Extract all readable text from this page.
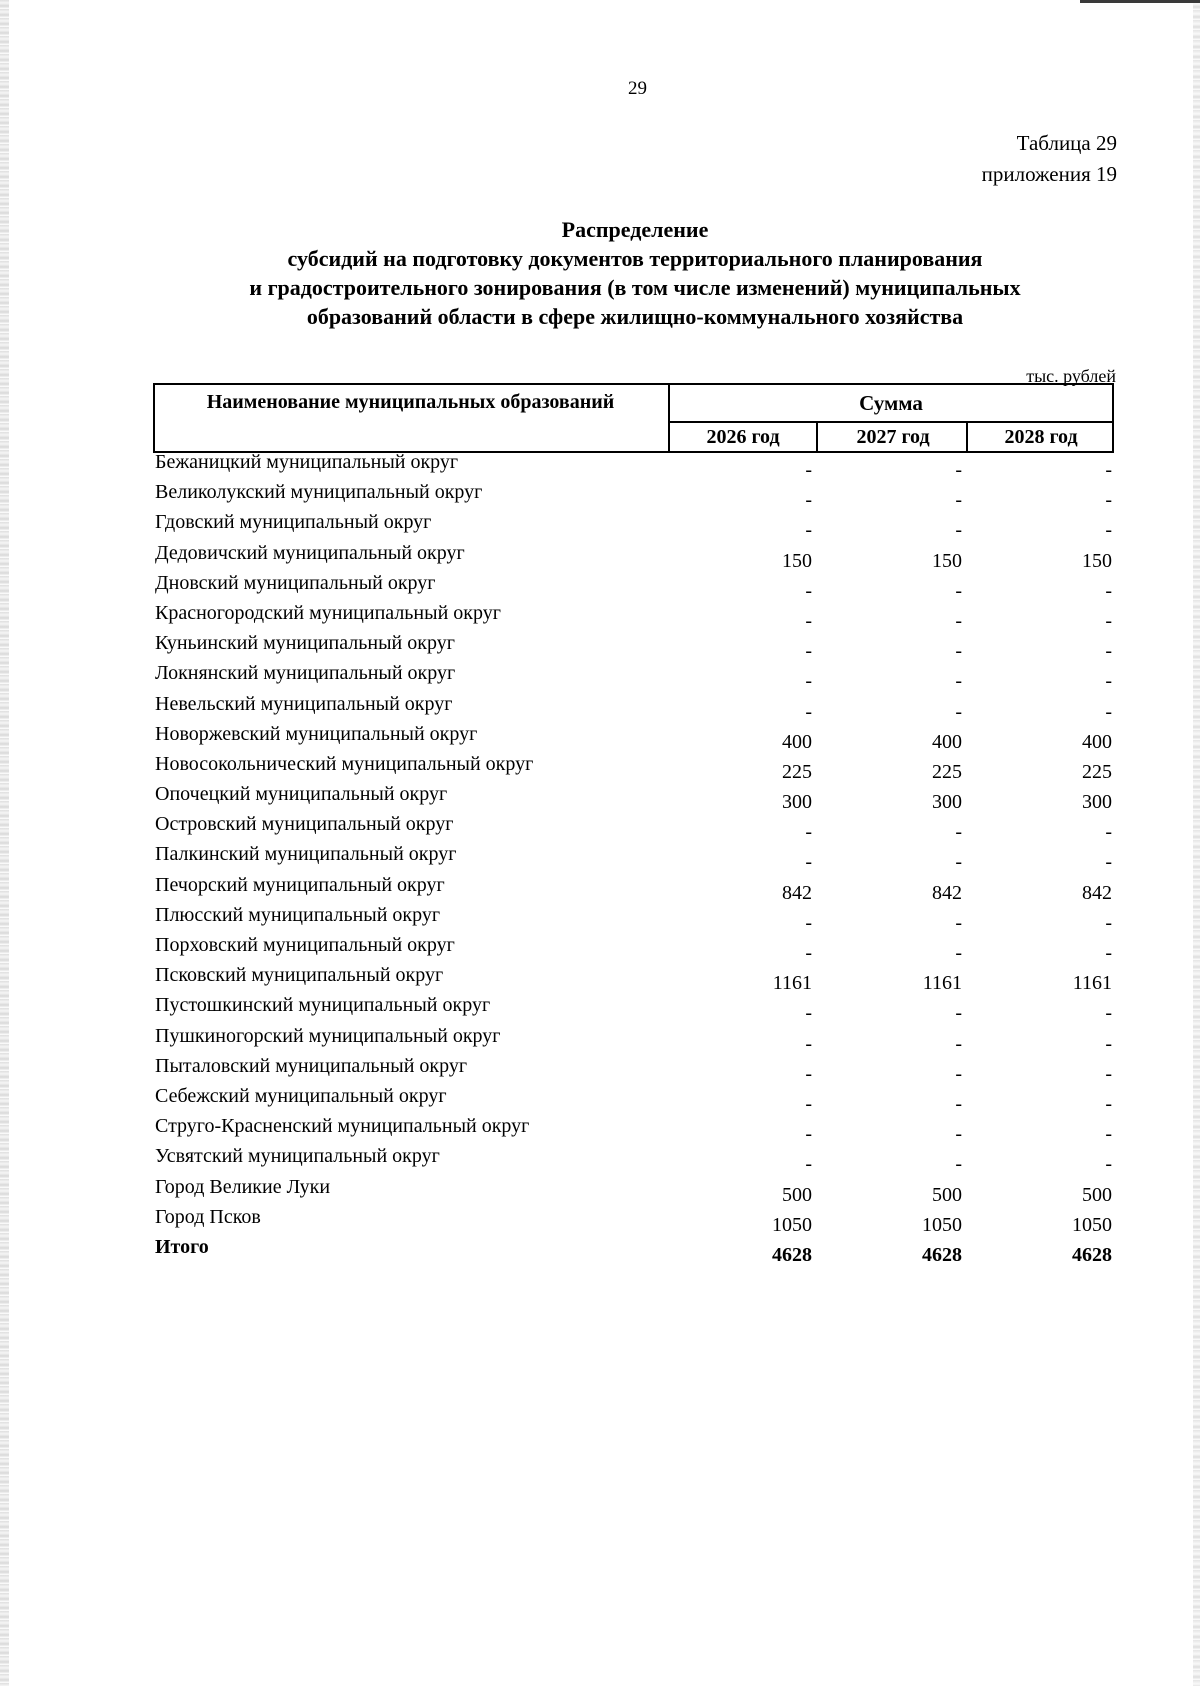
29
Таблица 29
приложения 19
Распределение
субсидий на подготовку документов территориального планирования
и градостроительного зонирования (в том числе изменений) муниципальных
образований области в сфере жилищно-коммунального хозяйства
тыс. рублей
Наименование муниципальных образований	Сумма
2026 год	2027 год	2028 год
Бежаницкий муниципальный округ	-	-	-
Великолукский муниципальный округ	-	-	-
Гдовский муниципальный округ	-	-	-
Дедовичский муниципальный округ	150	150	150
Дновский муниципальный округ	-	-	-
Красногородский муниципальный округ	-	-	-
Куньинский муниципальный округ	-	-	-
Локнянский муниципальный округ	-	-	-
Невельский муниципальный округ	-	-	-
Новоржевский муниципальный округ	400	400	400
Новосокольнический муниципальный округ	225	225	225
Опочецкий муниципальный округ	300	300	300
Островский муниципальный округ	-	-	-
Палкинский муниципальный округ	-	-	-
Печорский муниципальный округ	842	842	842
Плюсский муниципальный округ	-	-	-
Порховский муниципальный округ	-	-	-
Псковский муниципальный округ	1161	1161	1161
Пустошкинский муниципальный округ	-	-	-
Пушкиногорский муниципальный округ	-	-	-
Пыталовский муниципальный округ	-	-	-
Себежский муниципальный округ	-	-	-
Струго-Красненский муниципальный округ	-	-	-
Усвятский муниципальный округ	-	-	-
Город Великие Луки	500	500	500
Город Псков	1050	1050	1050
Итого	4628	4628	4628
